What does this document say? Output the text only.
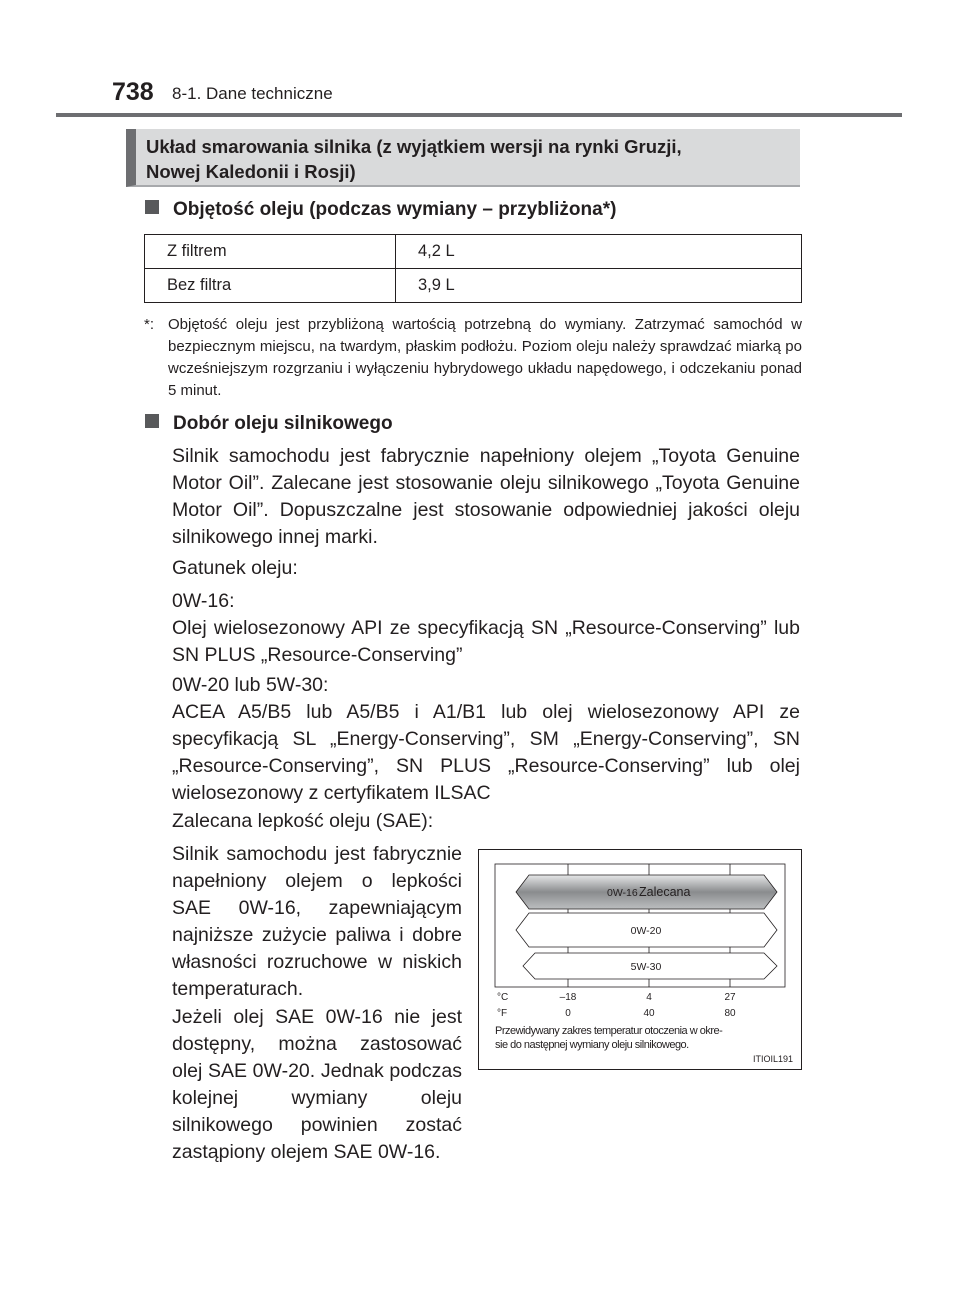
738 8-1. Dane techniczne
Układ smarowania silnika (z wyjątkiem wersji na rynki Gruzji,
Nowej Kaledonii i Rosji)
Objętość oleju (podczas wymiany – przybliżona*)
Z filtrem	4,2 L
Bez filtra	3,9 L
*: Objętość oleju jest przybliżoną wartością potrzebną do wymiany. Zatrzymać samochód w bezpiecznym miejscu, na twardym, płaskim podłożu. Poziom oleju należy sprawdzać miarką po wcześniejszym rozgrzaniu i wyłączeniu hybrydowego układu napędowego, i odczekaniu ponad 5 minut.
Dobór oleju silnikowego
Silnik samochodu jest fabrycznie napełniony olejem „Toyota Genuine Motor Oil”. Zalecane jest stosowanie oleju silnikowego „Toyota Genuine Motor Oil”. Dopuszczalne jest stosowanie odpowiedniej jakości oleju silnikowego innej marki.
Gatunek oleju:
0W-16:
Olej wielosezonowy API ze specyfikacją SN „Resource-Conserving” lub SN PLUS „Resource-Conserving”
0W-20 lub 5W-30:
ACEA A5/B5 lub A5/B5 i A1/B1 lub olej wielosezonowy API ze specyfikacją SL „Energy-Conserving”, SM „Energy-Conserving”, SN „Resource-Conserving”, SN PLUS „Resource-Conserving” lub olej wielosezonowy z certyfikatem ILSAC
Zalecana lepkość oleju (SAE):
Silnik samochodu jest fabrycznie napełniony olejem o lepkości SAE 0W-16, zapewniającym najniższe zużycie paliwa i dobre własności rozruchowe w niskich temperaturach.
Jeżeli olej SAE 0W-16 nie jest dostępny, można zastosować olej SAE 0W-20. Jednak podczas kolejnej wymiany oleju silnikowego powinien zostać zastąpiony olejem SAE 0W-16.
0W-16 Zalecana
0W-20
5W-30
°C	–18	4	27
°F	0	40	80
Przewidywany zakres temperatur otoczenia w okre-
sie do następnej wymiany oleju silnikowego.
ITIOIL191
